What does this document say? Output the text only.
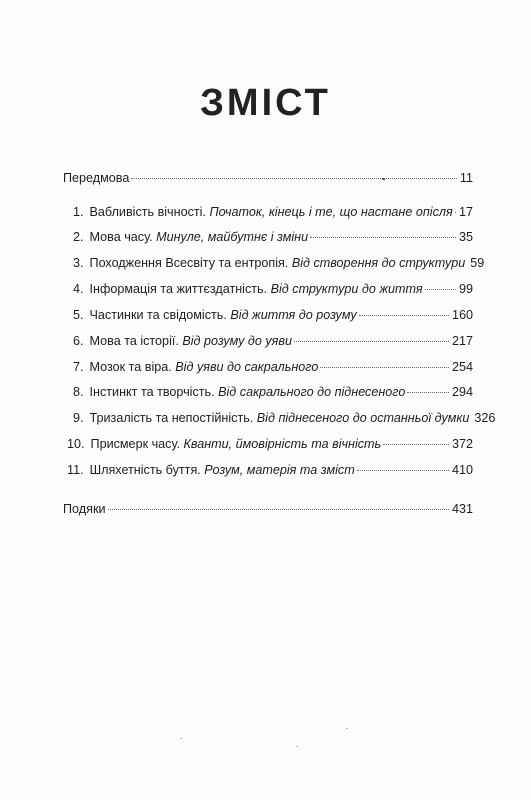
ЗМІСТ
Передмова	11
1. Вабливість вічності. Початок, кінець і те, що настане опісля 17
2. Мова часу. Минуле, майбутнє і зміни	35
3. Походження Всесвіту та ентропія. Від створення до структури 59
4. Інформація та життєздатність. Від структури до життя	99
5. Частинки та свідомість. Від життя до розуму	160
6. Мова та історії. Від розуму до уяви	217
7. Мозок та віра. Від уяви до сакрального	254
8. Інстинкт та творчість. Від сакрального до піднесеного	294
9. Тризалість та непостійність. Від піднесеного до останньої думки 326
10. Присмерк часу. Кванти, ймовірність та вічність	372
11. Шляхетність буття. Розум, матерія та зміст	410
Подяки	431
